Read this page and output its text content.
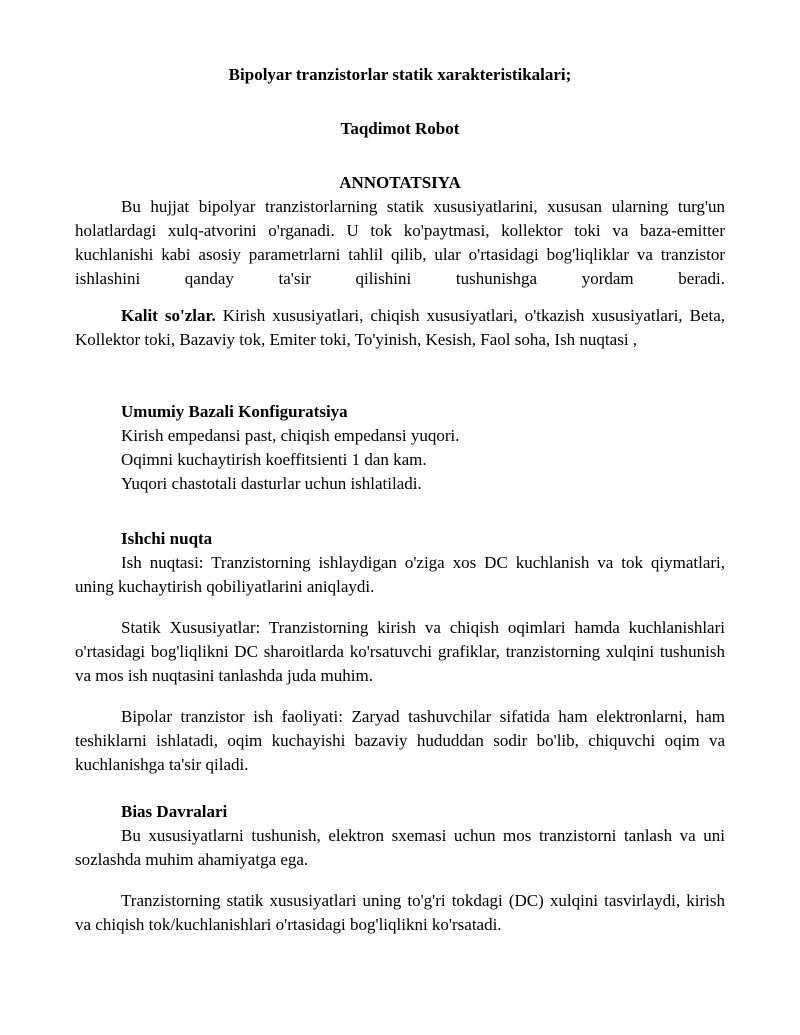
Bipolyar tranzistorlar statik xarakteristikalari;
Taqdimot Robot
ANNOTATSIYA

Bu hujjat bipolyar tranzistorlarning statik xususiyatlarini, xususan ularning turg'un holatlardagi xulq-atvorini o'rganadi. U tok ko'paytmasi, kollektor toki va baza-emitter kuchlanishi kabi asosiy parametrlarni tahlil qilib, ular o'rtasidagi bog'liqliklar va tranzistor ishlashini qanday ta'sir qilishini tushunishga yordam beradi.

Kalit so'zlar. Kirish xususiyatlari, chiqish xususiyatlari, o'tkazish xususiyatlari, Beta, Kollektor toki, Bazaviy tok, Emiter toki, To'yinish, Kesish, Faol soha, Ish nuqtasi ,

Umumiy Bazali Konfiguratsiya
Kirish empedansi past, chiqish empedansi yuqori.
Oqimni kuchaytirish koeffitsienti 1 dan kam.
Yuqori chastotali dasturlar uchun ishlatiladi.
Ishchi nuqta

Ish nuqtasi: Tranzistorning ishlaydigan o'ziga xos DC kuchlanish va tok qiymatlari, uning kuchaytirish qobiliyatlarini aniqlaydi.

Statik Xususiyatlar: Tranzistorning kirish va chiqish oqimlari hamda kuchlanishlari o'rtasidagi bog'liqlikni DC sharoitlarda ko'rsatuvchi grafiklar, tranzistorning xulqini tushunish va mos ish nuqtasini tanlashda juda muhim.

Bipolar tranzistor ish faoliyati: Zaryad tashuvchilar sifatida ham elektronlarni, ham teshiklarni ishlatadi, oqim kuchayishi bazaviy hududdan sodir bo'lib, chiquvchi oqim va kuchlanishga ta'sir qiladi.

Bias Davralari

Bu xususiyatlarni tushunish, elektron sxemasi uchun mos tranzistorni tanlash va uni sozlashda muhim ahamiyatga ega.

Tranzistorning statik xususiyatlari uning to'g'ri tokdagi (DC) xulqini tasvirlaydi, kirish va chiqish tok/kuchlanishlari o'rtasidagi bog'liqlikni ko'rsatadi.
